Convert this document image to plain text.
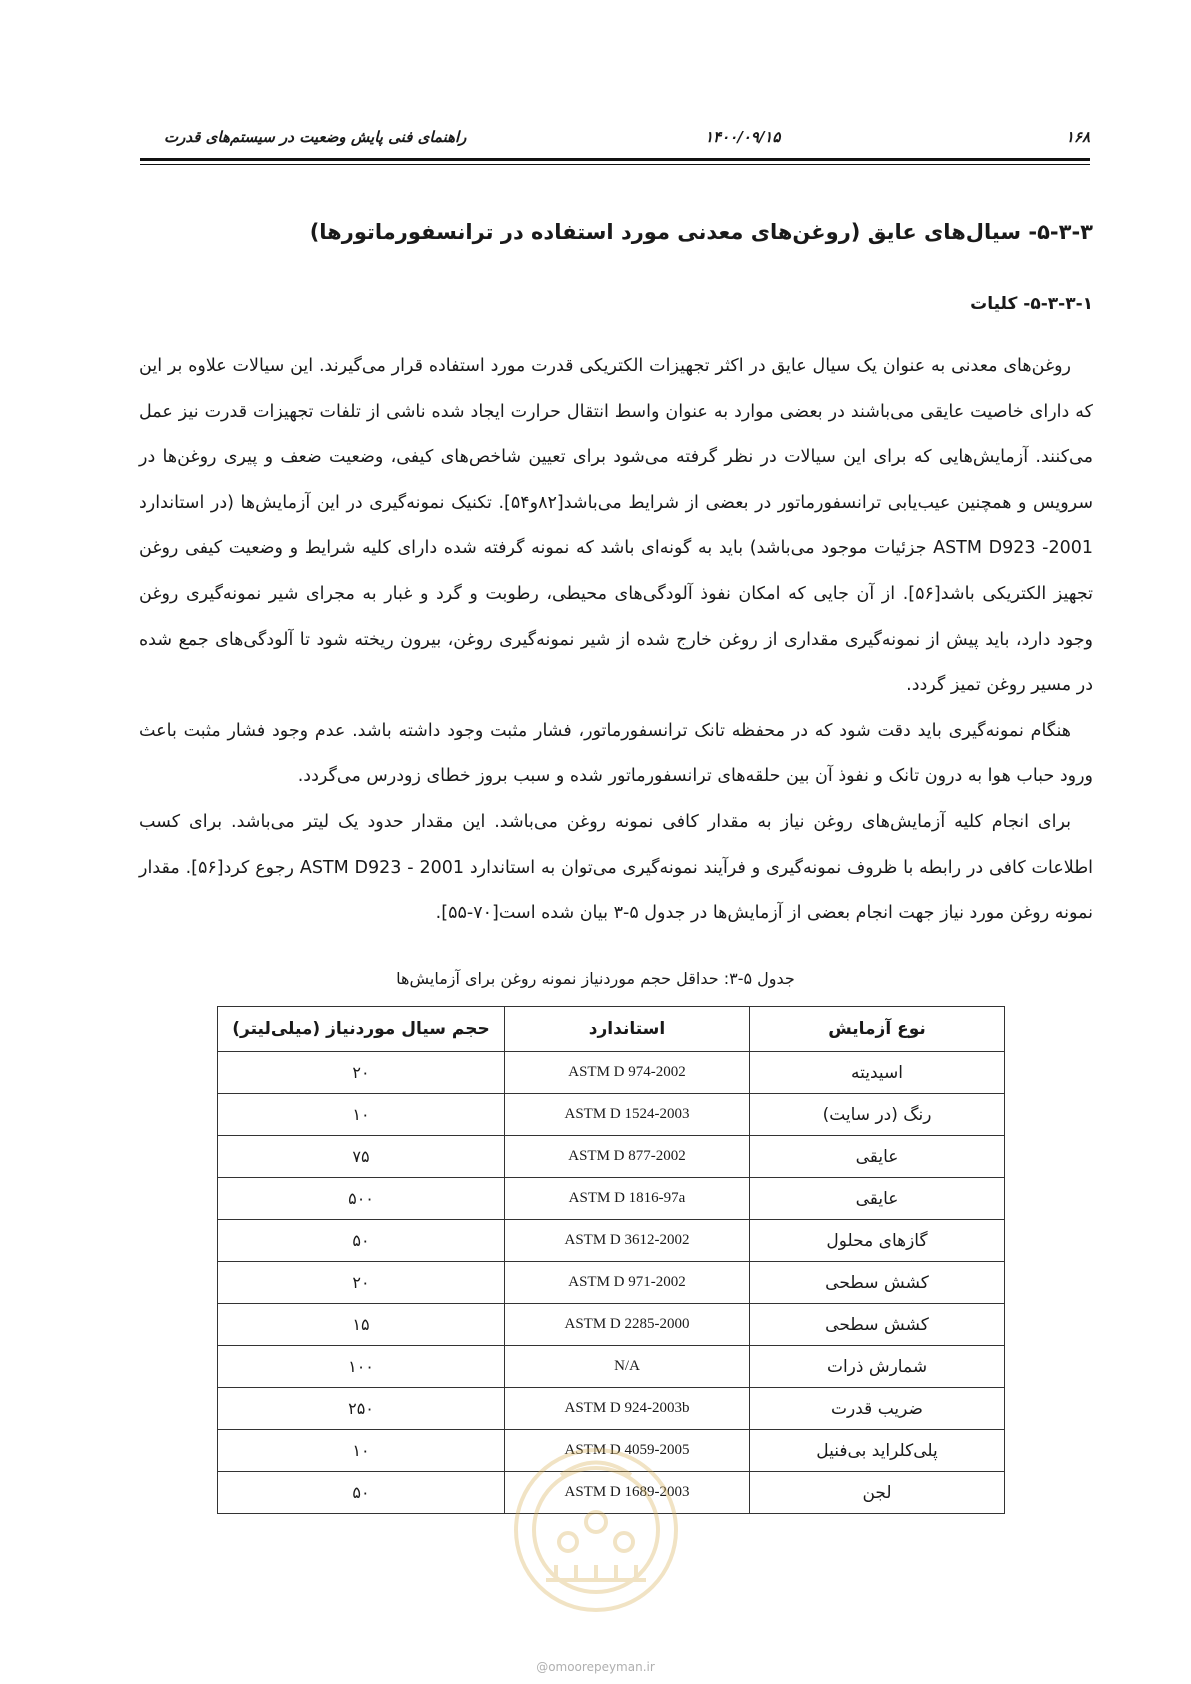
۱۶۸
۱۴۰۰/۰۹/۱۵
راهنمای فنی پایش وضعیت در سیستم‌های قدرت
۵-۳-۳- سیال‌های عایق (روغن‌های معدنی مورد استفاده در ترانسفورماتورها)
۵-۳-۳-۱- کلیات

روغن‌های معدنی به عنوان یک سیال عایق در اکثر تجهیزات الکتریکی قدرت مورد استفاده قرار می‌گیرند. این سیالات علاوه بر این که دارای خاصیت عایقی می‌باشند در بعضی موارد به عنوان واسط انتقال حرارت ایجاد شده ناشی از تلفات تجهیزات قدرت نیز عمل می‌کنند. آزمایش‌هایی که برای این سیالات در نظر گرفته می‌شود برای تعیین شاخص‌های کیفی، وضعیت ضعف و پیری روغن‌ها در سرویس و همچنین عیب‌یابی ترانسفورماتور در بعضی از شرایط می‌باشد[۸۲و۵۴]. تکنیک نمونه‌گیری در این آزمایش‌ها (در استاندارد ASTM D923 -2001 جزئیات موجود می‌باشد) باید به گونه‌ای باشد که نمونه گرفته شده دارای کلیه شرایط و وضعیت کیفی روغن تجهیز الکتریکی باشد[۵۶]. از آن جایی که امکان نفوذ آلودگی‌های محیطی، رطوبت و گرد و غبار به مجرای شیر نمونه‌گیری روغن وجود دارد، باید پیش از نمونه‌گیری مقداری از روغن خارج شده از شیر نمونه‌گیری روغن، بیرون ریخته شود تا آلودگی‌های جمع شده در مسیر روغن تمیز گردد.

هنگام نمونه‌گیری باید دقت شود که در محفظه تانک ترانسفورماتور، فشار مثبت وجود داشته باشد. عدم وجود فشار مثبت باعث ورود حباب هوا به درون تانک و نفوذ آن بین حلقه‌های ترانسفورماتور شده و سبب بروز خطای زودرس می‌گردد.

برای انجام کلیه آزمایش‌های روغن نیاز به مقدار کافی نمونه روغن می‌باشد. این مقدار حدود یک لیتر می‌باشد. برای کسب اطلاعات کافی در رابطه با ظروف نمونه‌گیری و فرآیند نمونه‌گیری می‌توان به استاندارد ASTM D923 - 2001 رجوع کرد[۵۶]. مقدار نمونه روغن مورد نیاز جهت انجام بعضی از آزمایش‌ها در جدول ۵-۳ بیان شده است[۷۰-۵۵].

جدول ۵-۳: حداقل حجم موردنیاز نمونه روغن برای آزمایش‌ها
نوع آزمایش	استاندارد	حجم سیال موردنیاز (میلی‌لیتر)
اسیدیته	ASTM D 974-2002	۲۰
رنگ (در سایت)	ASTM D 1524-2003	۱۰
عایقی	ASTM D 877-2002	۷۵
عایقی	ASTM D 1816-97a	۵۰۰
گازهای محلول	ASTM D 3612-2002	۵۰
کشش سطحی	ASTM D 971-2002	۲۰
کشش سطحی	ASTM D 2285-2000	۱۵
شمارش ذرات	N/A	۱۰۰
ضریب قدرت	ASTM D 924-2003b	۲۵۰
پلی‌کلراید بی‌فنیل	ASTM D 4059-2005	۱۰
لجن	ASTM D 1689-2003	۵۰
@omoorepeyman.ir
